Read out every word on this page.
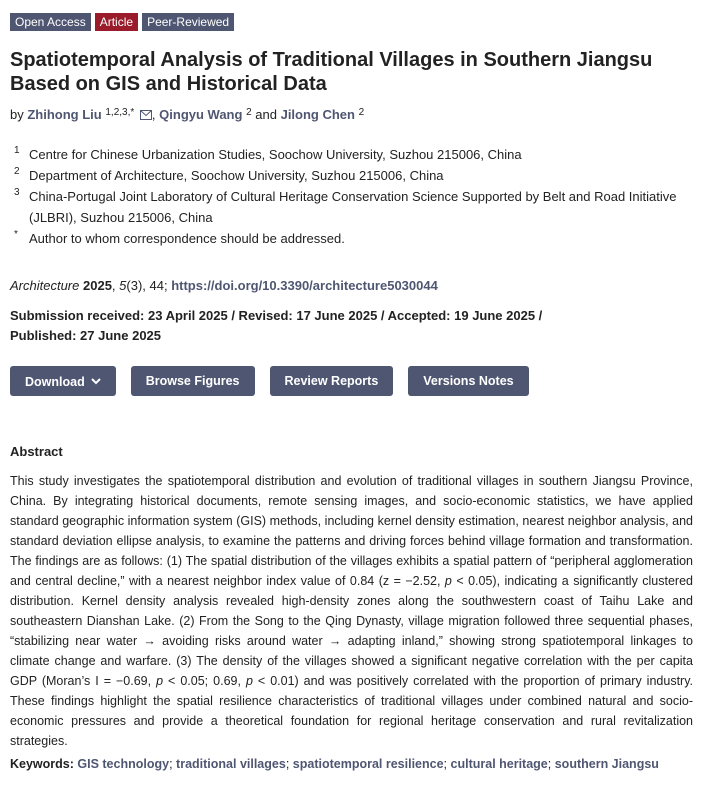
Open Access	Article	Peer-Reviewed
Spatiotemporal Analysis of Traditional Villages in Southern Jiangsu Based on GIS and Historical Data
by Zhihong Liu $^{1,2,3,*}$ , Qingyu Wang $^2$ and Jilong Chen $^2$
1 Centre for Chinese Urbanization Studies, Soochow University, Suzhou 215006, China
2 Department of Architecture, Soochow University, Suzhou 215006, China
3 China-Portugal Joint Laboratory of Cultural Heritage Conservation Science Supported by Belt and Road Initiative (JLBRI), Suzhou 215006, China
* Author to whom correspondence should be addressed.
Architecture 2025, 5(3), 44; https://doi.org/10.3390/architecture5030044
Submission received: 23 April 2025 / Revised: 17 June 2025 / Accepted: 19 June 2025 / Published: 27 June 2025
Download	Browse Figures	Review Reports	Versions Notes
Abstract

This study investigates the spatiotemporal distribution and evolution of traditional villages in southern Jiangsu Province, China. By integrating historical documents, remote sensing images, and socio-economic statistics, we have applied standard geographic information system (GIS) methods, including kernel density estimation, nearest neighbor analysis, and standard deviation ellipse analysis, to examine the patterns and driving forces behind village formation and transformation. The findings are as follows: (1) The spatial distribution of the villages exhibits a spatial pattern of “peripheral agglomeration and central decline,” with a nearest neighbor index value of 0.84 (z = −2.52, p < 0.05), indicating a significantly clustered distribution. Kernel density analysis revealed high-density zones along the southwestern coast of Taihu Lake and southeastern Dianshan Lake. (2) From the Song to the Qing Dynasty, village migration followed three sequential phases, “stabilizing near water → avoiding risks around water → adapting inland,” showing strong spatiotemporal linkages to climate change and warfare. (3) The density of the villages showed a significant negative correlation with the per capita GDP (Moran’s I = −0.69, p < 0.05; 0.69, p < 0.01) and was positively correlated with the proportion of primary industry. These findings highlight the spatial resilience characteristics of traditional villages under combined natural and socio-economic pressures and provide a theoretical foundation for regional heritage conservation and rural revitalization strategies.

Keywords: GIS technology; traditional villages; spatiotemporal resilience; cultural heritage; southern Jiangsu
